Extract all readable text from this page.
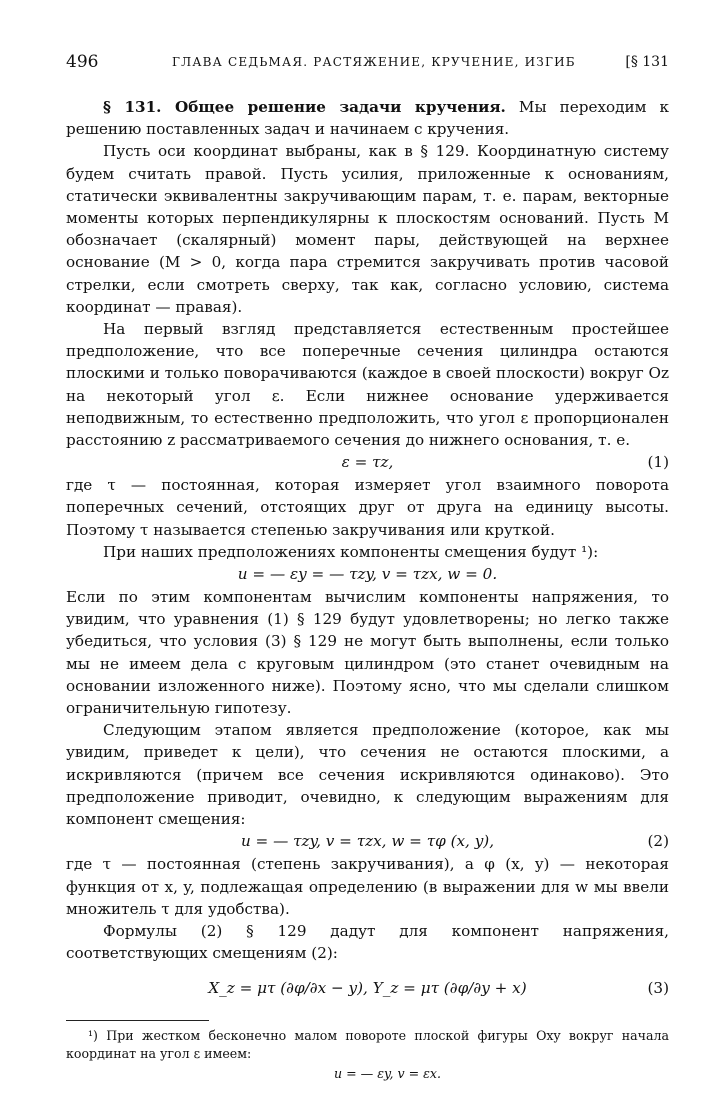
496	ГЛАВА СЕДЬМАЯ. РАСТЯЖЕНИЕ, КРУЧЕНИЕ, ИЗГИБ	[§ 131

§ 131. Общее решение задачи кручения. Мы переходим к решению поставленных задач и начинаем с кручения.

Пусть оси координат выбраны, как в § 129. Координатную систему будем считать правой. Пусть усилия, приложенные к основаниям, статически эквивалентны закручивающим парам, т. е. парам, векторные моменты которых перпендикулярны к плоскостям оснований. Пусть M обозначает (скалярный) момент пары, действующей на верхнее основание (M > 0, когда пара стремится закручивать против часовой стрелки, если смотреть сверху, так как, согласно условию, система координат — правая).

На первый взгляд представляется естественным простейшее предположение, что все поперечные сечения цилиндра остаются плоскими и только поворачиваются (каждое в своей плоскости) вокруг Oz на некоторый угол ε. Если нижнее основание удерживается неподвижным, то естественно предположить, что угол ε пропорционален расстоянию z рассматриваемого сечения до нижнего основания, т. е.

ε = τz,	(1)

где τ — постоянная, которая измеряет угол взаимного поворота поперечных сечений, отстоящих друг от друга на единицу высоты. Поэтому τ называется степенью закручивания или круткой.

При наших предположениях компоненты смещения будут ¹):

u = — εy = — τzy, v = τzx, w = 0.

Если по этим компонентам вычислим компоненты напряжения, то увидим, что уравнения (1) § 129 будут удовлетворены; но легко также убедиться, что условия (3) § 129 не могут быть выполнены, если только мы не имеем дела с круговым цилиндром (это станет очевидным на основании изложенного ниже). Поэтому ясно, что мы сделали слишком ограничительную гипотезу.

Следующим этапом является предположение (которое, как мы увидим, приведет к цели), что сечения не остаются плоскими, а искривляются (причем все сечения искривляются одинаково). Это предположение приводит, очевидно, к следующим выражениям для компонент смещения:

u = — τzy, v = τzx, w = τφ (x, y),	(2)

где τ — постоянная (степень закручивания), а φ (x, y) — некоторая функция от x, y, подлежащая определению (в выражении для w мы ввели множитель τ для удобства).

Формулы (2) § 129 дадут для компонент напряжения, соответствующих смещениям (2):

X_z = μτ (∂φ/∂x − y), Y_z = μτ (∂φ/∂y + x)	(3)

¹) При жестком бесконечно малом повороте плоской фигуры Oxy вокруг начала координат на угол ε имеем:

u = — εy, v = εx.
